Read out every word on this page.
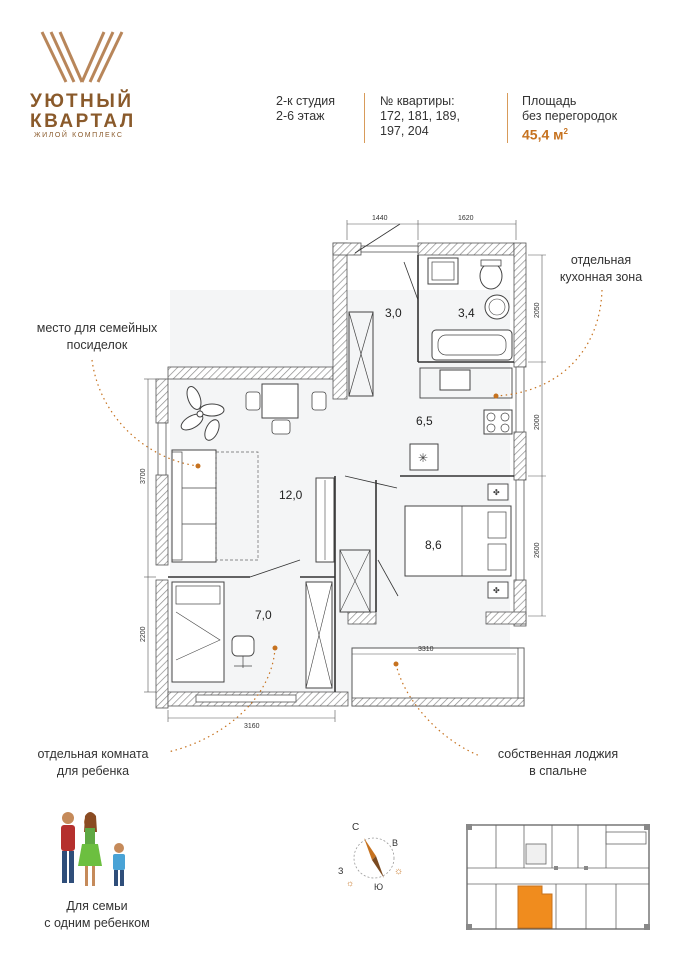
УЮТНЫЙ
КВАРТАЛ
ЖИЛОЙ КОМПЛЕКС
2-к студия
2-6 этаж
№ квартиры:
172, 181, 189,
197, 204
Площадь
без перегородок
45,4 $м^2$
✳
✤
✤
1440	1620
2050
2000
2600
3700
2200
3160
3310
3,0	3,4
6,5
12,0
8,6
7,0
отдельная
кухонная зона
место для семейных
посиделок
отдельная комната
для ребенка
собственная лоджия
в спальне
Для семьи
с одним ребенком
С
В
Ю
З	☼
☼
